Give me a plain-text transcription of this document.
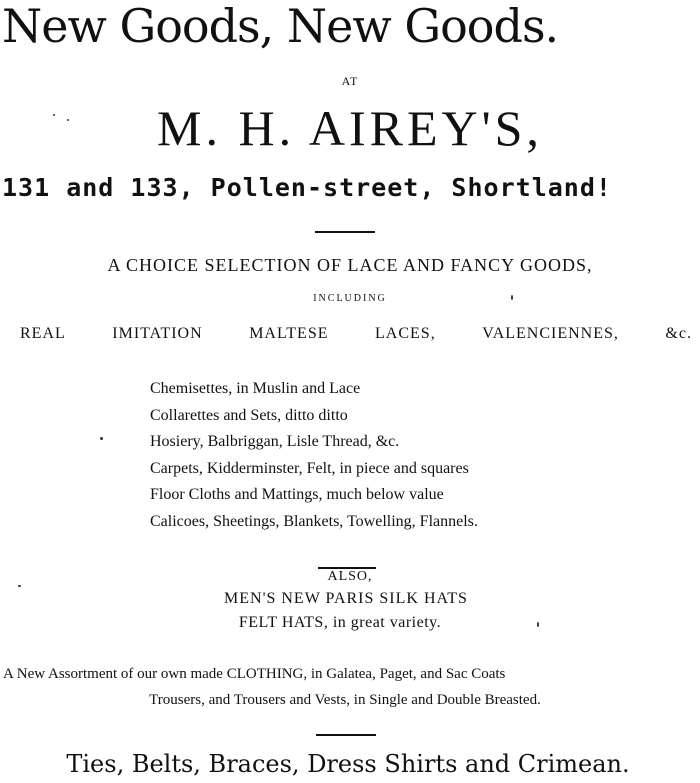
New Goods, New Goods.
AT
M. H. AIREY'S,
131 and 133, Pollen-street, Shortland!
A CHOICE SELECTION OF LACE AND FANCY GOODS,
INCLUDING
REAL	IMITATION	MALTESE	LACES,	VALENCIENNES,	&c.
Chemisettes, in Muslin and Lace
Collarettes and Sets, ditto ditto
Hosiery, Balbriggan, Lisle Thread, &c.
Carpets, Kidderminster, Felt, in piece and squares
Floor Cloths and Mattings, much below value
Calicoes, Sheetings, Blankets, Towelling, Flannels.
ALSO,
MEN'S NEW PARIS SILK HATS
FELT HATS, in great variety.
A New Assortment of our own made CLOTHING, in Galatea, Paget, and Sac Coats
Trousers, and Trousers and Vests, in Single and Double Breasted.
Ties, Belts, Braces, Dress Shirts and Crimean.
